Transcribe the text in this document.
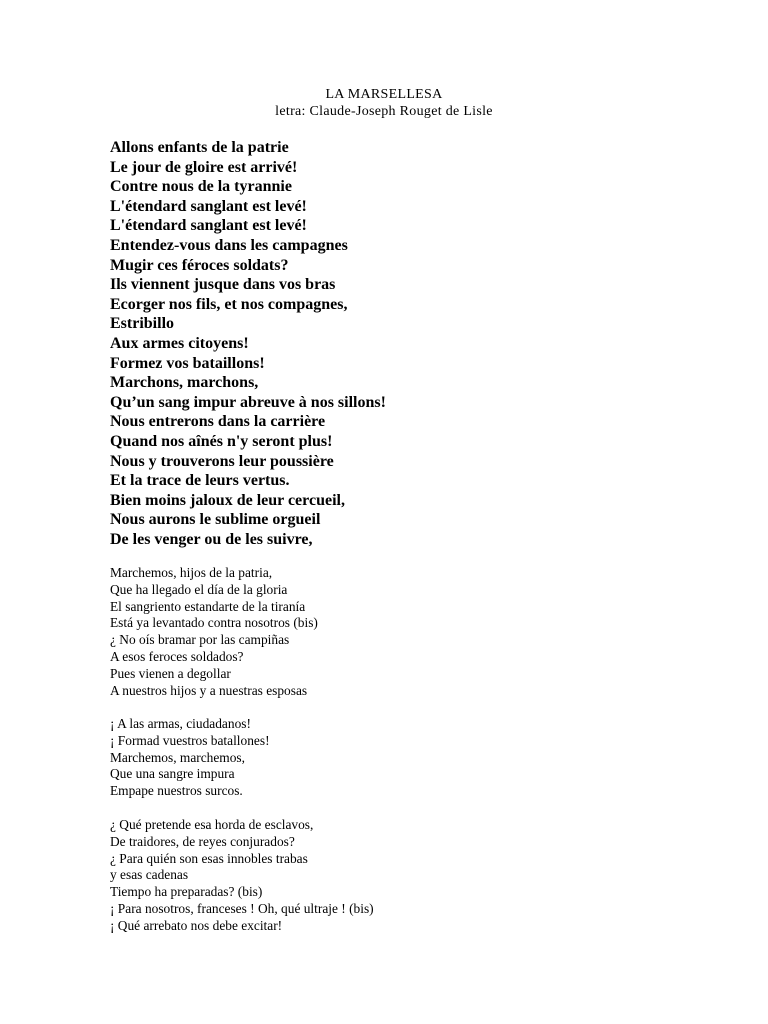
LA MARSELLESA
letra: Claude-Joseph Rouget de Lisle
Allons enfants de la patrie
Le jour de gloire est arrivé!
Contre nous de la tyrannie
L'étendard sanglant est levé!
L'étendard sanglant est levé!
Entendez-vous dans les campagnes
Mugir ces féroces soldats?
Ils viennent jusque dans vos bras
Ecorger nos fils, et nos compagnes,
Estribillo
Aux armes citoyens!
Formez vos bataillons!
Marchons, marchons,
Qu’un sang impur abreuve à nos sillons!
Nous entrerons dans la carrière
Quand nos aînés n'y seront plus!
Nous y trouverons leur poussière
Et la trace de leurs vertus.
Bien moins jaloux de leur cercueil,
Nous aurons le sublime orgueil
De les venger ou de les suivre,
Marchemos, hijos de la patria,
Que ha llegado el día de la gloria
El sangriento estandarte de la tiranía
Está ya levantado contra nosotros (bis)
¿ No oís bramar por las campiñas
A esos feroces soldados?
Pues vienen a degollar
A nuestros hijos y a nuestras esposas
¡ A las armas, ciudadanos!
¡ Formad vuestros batallones!
Marchemos, marchemos,
Que una sangre impura
Empape nuestros surcos.
¿ Qué pretende esa horda de esclavos,
De traidores, de reyes conjurados?
¿ Para quién son esas innobles trabas
y esas cadenas
Tiempo ha preparadas? (bis)
¡ Para nosotros, franceses ! Oh, qué ultraje ! (bis)
¡ Qué arrebato nos debe excitar!
